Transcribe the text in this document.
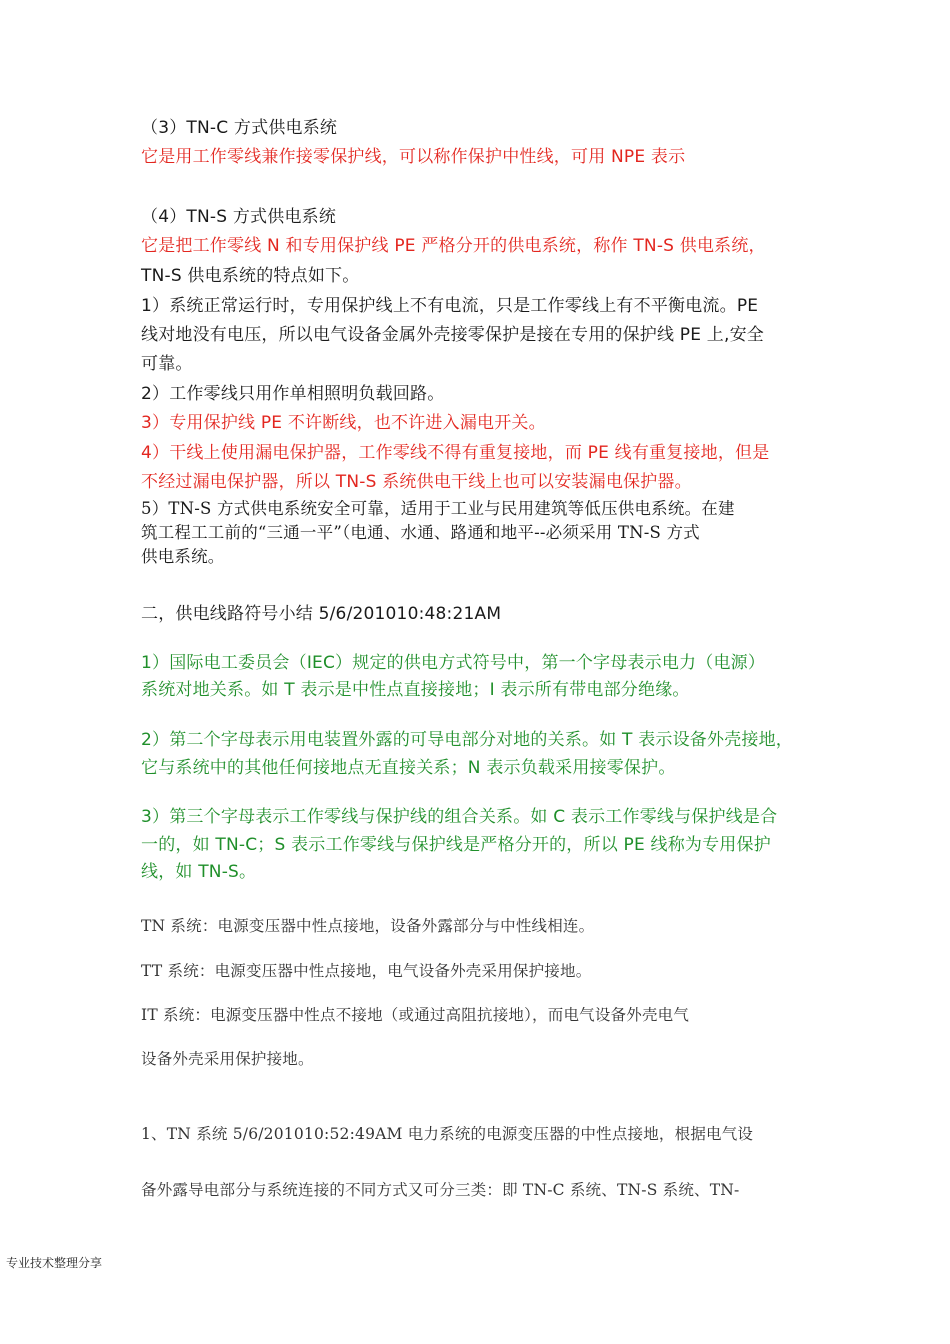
（3）TN-C 方式供电系统
它是用工作零线兼作接零保护线，可以称作保护中性线，可用 NPE 表示
（4）TN-S 方式供电系统
它是把工作零线 N 和专用保护线 PE 严格分开的供电系统，称作 TN-S 供电系统，
TN-S 供电系统的特点如下。
1）系统正常运行时，专用保护线上不有电流，只是工作零线上有不平衡电流。PE
线对地没有电压，所以电气设备金属外壳接零保护是接在专用的保护线 PE 上,安全
可靠。
2）工作零线只用作单相照明负载回路。
3）专用保护线 PE 不许断线，也不许进入漏电开关。
4）干线上使用漏电保护器，工作零线不得有重复接地，而 PE 线有重复接地，但是
不经过漏电保护器，所以 TN-S 系统供电干线上也可以安装漏电保护器。
5）TN-S 方式供电系统安全可靠，适用于工业与民用建筑等低压供电系统。在建
筑工程工工前的“三通一平”（电通、水通、路通和地平--必须采用 TN-S 方式
供电系统。
二，供电线路符号小结 5/6/201010:48:21AM
1）国际电工委员会（IEC）规定的供电方式符号中，第一个字母表示电力（电源）
系统对地关系。如 T 表示是中性点直接接地；I 表示所有带电部分绝缘。
2）第二个字母表示用电装置外露的可导电部分对地的关系。如 T 表示设备外壳接地，
它与系统中的其他任何接地点无直接关系；N 表示负载采用接零保护。
3）第三个字母表示工作零线与保护线的组合关系。如 C 表示工作零线与保护线是合
一的，如 TN-C；S 表示工作零线与保护线是严格分开的，所以 PE 线称为专用保护
线，如 TN-S。
TN 系统：电源变压器中性点接地，设备外露部分与中性线相连。
TT 系统：电源变压器中性点接地，电气设备外壳采用保护接地。
IT 系统：电源变压器中性点不接地（或通过高阻抗接地），而电气设备外壳电气
设备外壳采用保护接地。
1、TN 系统 5/6/201010:52:49AM 电力系统的电源变压器的中性点接地，根据电气设
备外露导电部分与系统连接的不同方式又可分三类：即 TN-C 系统、TN-S 系统、TN-
专业技术整理分享
